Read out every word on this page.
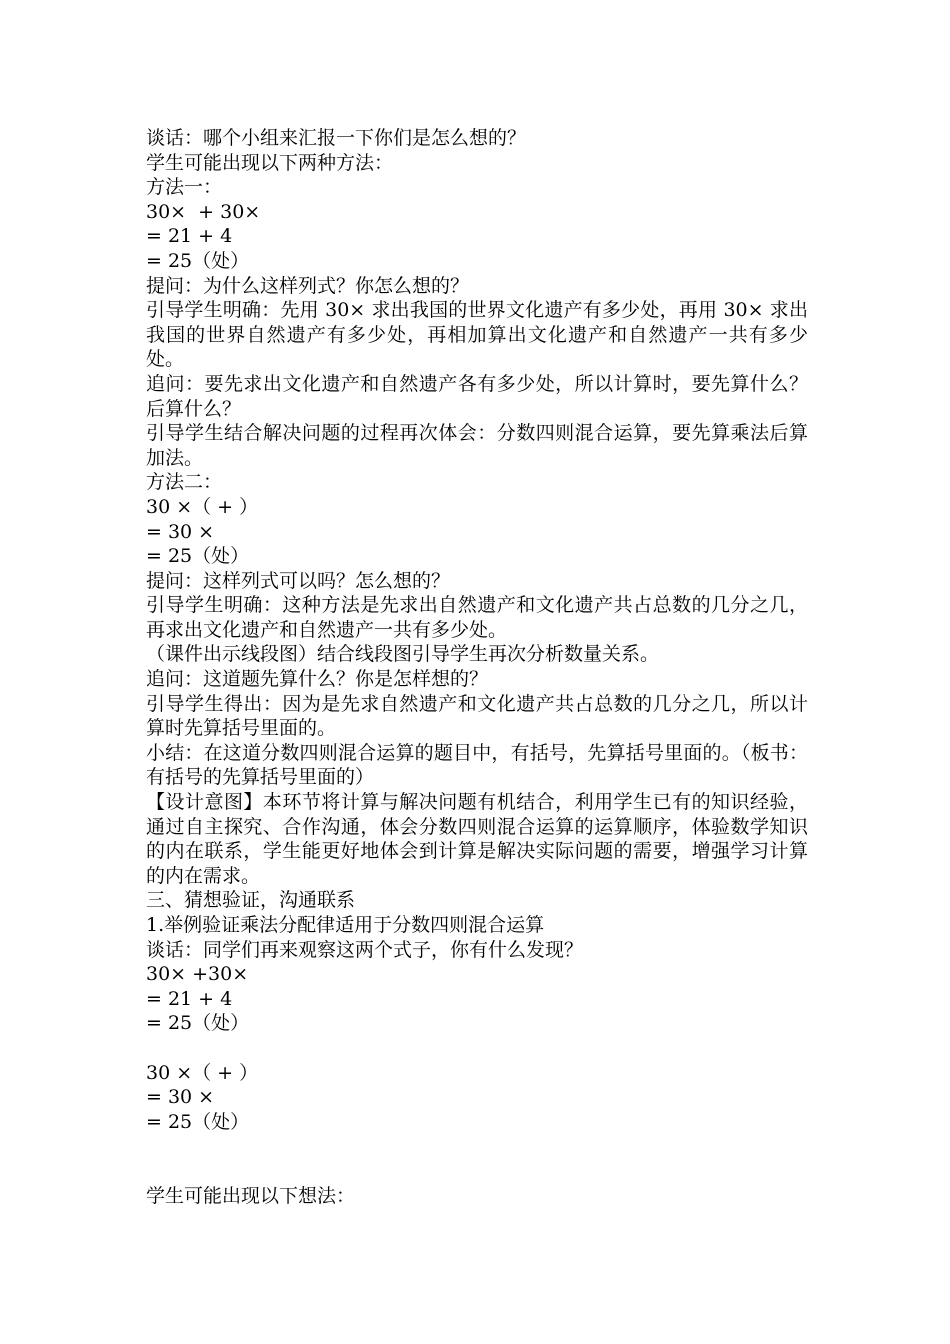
谈话：哪个小组来汇报一下你们是怎么想的？
学生可能出现以下两种方法：
方法一：
30×  + 30×
= 21 + 4
= 25（处）
提问：为什么这样列式？你怎么想的？
引导学生明确：先用 30× 求出我国的世界文化遗产有多少处，再用 30× 求出我国的世界自然遗产有多少处，再相加算出文化遗产和自然遗产一共有多少处。
追问：要先求出文化遗产和自然遗产各有多少处，所以计算时，要先算什么？后算什么？
引导学生结合解决问题的过程再次体会：分数四则混合运算，要先算乘法后算加法。
方法二：
30 ×（ + ）
= 30 ×
= 25（处）
提问：这样列式可以吗？怎么想的？
引导学生明确：这种方法是先求出自然遗产和文化遗产共占总数的几分之几，再求出文化遗产和自然遗产一共有多少处。
（课件出示线段图）结合线段图引导学生再次分析数量关系。
追问：这道题先算什么？你是怎样想的？
引导学生得出：因为是先求自然遗产和文化遗产共占总数的几分之几，所以计算时先算括号里面的。
小结：在这道分数四则混合运算的题目中，有括号，先算括号里面的。（板书：有括号的先算括号里面的）
【设计意图】本环节将计算与解决问题有机结合，利用学生已有的知识经验，通过自主探究、合作沟通，体会分数四则混合运算的运算顺序，体验数学知识的内在联系，学生能更好地体会到计算是解决实际问题的需要，增强学习计算的内在需求。
三、猜想验证，沟通联系
1.举例验证乘法分配律适用于分数四则混合运算
谈话：同学们再来观察这两个式子，你有什么发现？
30× +30×
= 21 + 4
= 25（处）
30 ×（ + ）
= 30 ×
= 25（处）
学生可能出现以下想法：
